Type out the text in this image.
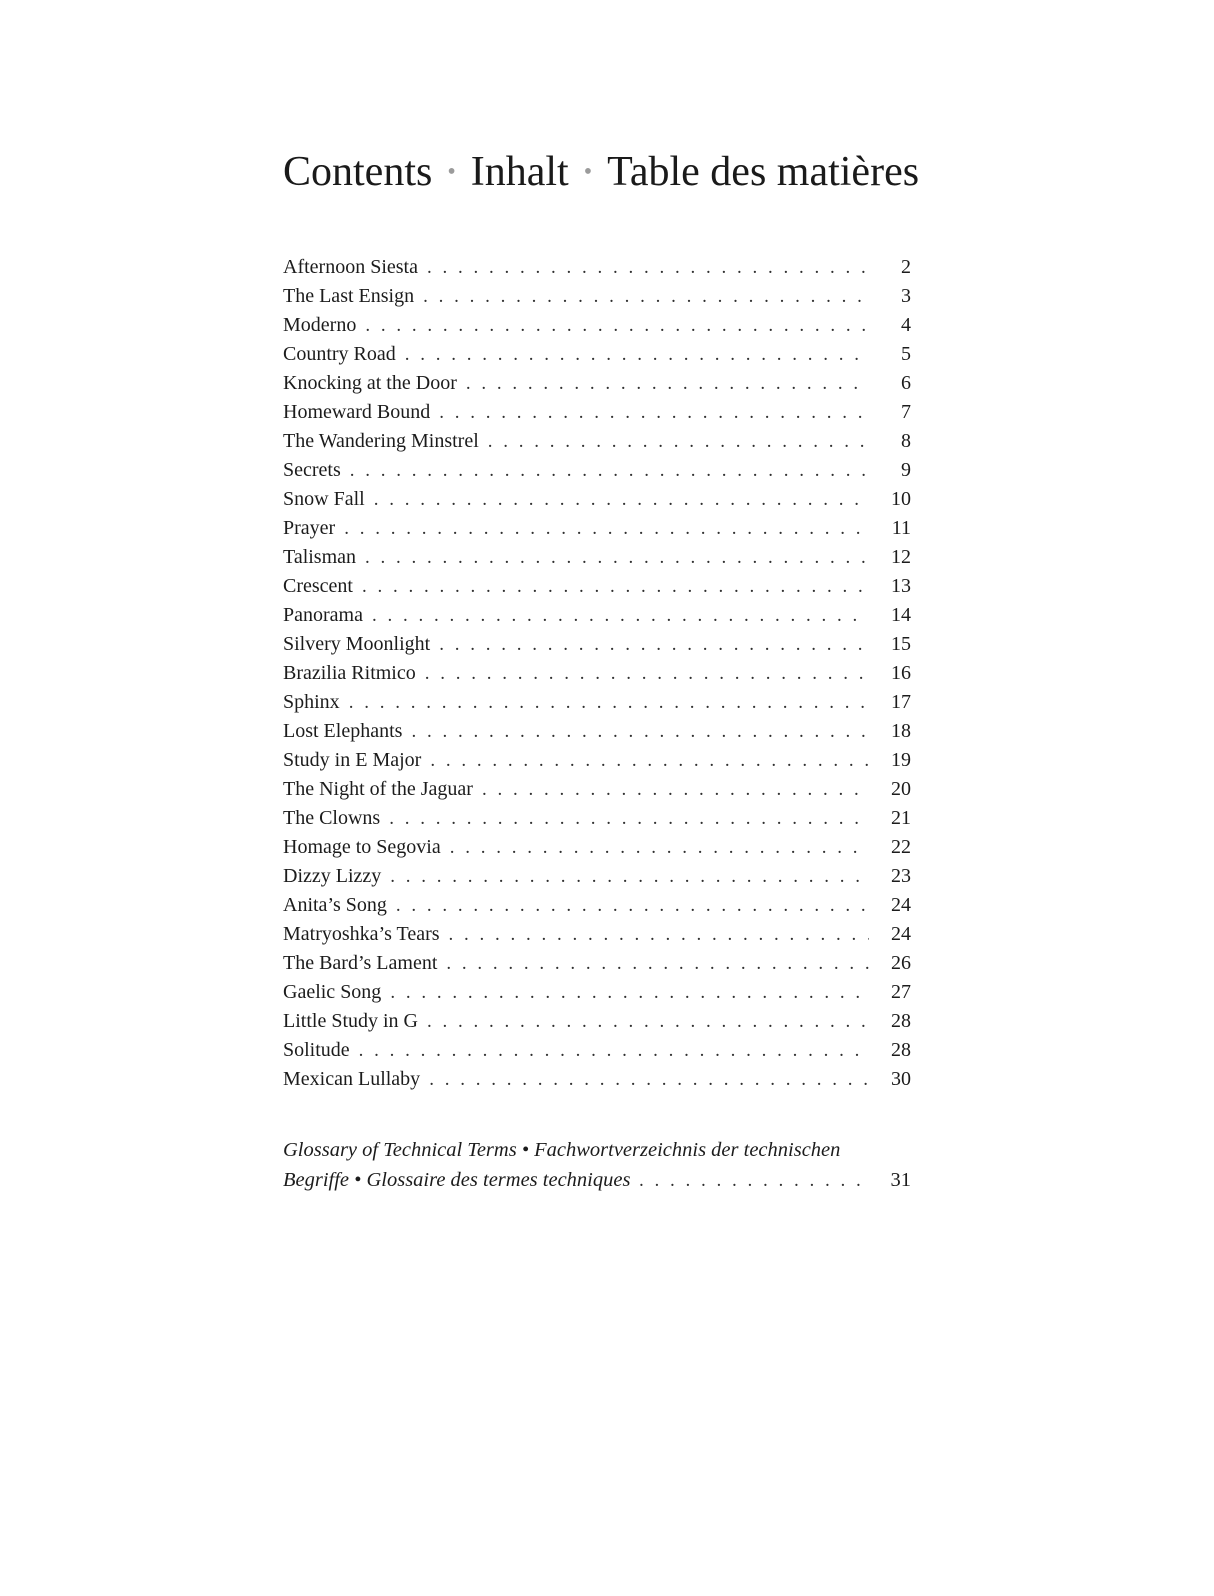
Contents • Inhalt • Table des matières
Afternoon Siesta . . .	2
The Last Ensign . . .	3
Moderno . . .	4
Country Road . . .	5
Knocking at the Door . . .	6
Homeward Bound . . .	7
The Wandering Minstrel . . .	8
Secrets . . .	9
Snow Fall . . .	10
Prayer . . .	11
Talisman . . .	12
Crescent . . .	13
Panorama . . .	14
Silvery Moonlight . . .	15
Brazilia Ritmico . . .	16
Sphinx . . .	17
Lost Elephants . . .	18
Study in E Major . . .	19
The Night of the Jaguar . . .	20
The Clowns . . .	21
Homage to Segovia . . .	22
Dizzy Lizzy . . .	23
Anita’s Song . . .	24
Matryoshka’s Tears . . .	24
The Bard’s Lament . . .	26
Gaelic Song . . .	27
Little Study in G . . .	28
Solitude . . .	28
Mexican Lullaby . . .	30
Glossary of Technical Terms • Fachwortverzeichnis der technischen
Begriffe • Glossaire des termes techniques . . .	31
